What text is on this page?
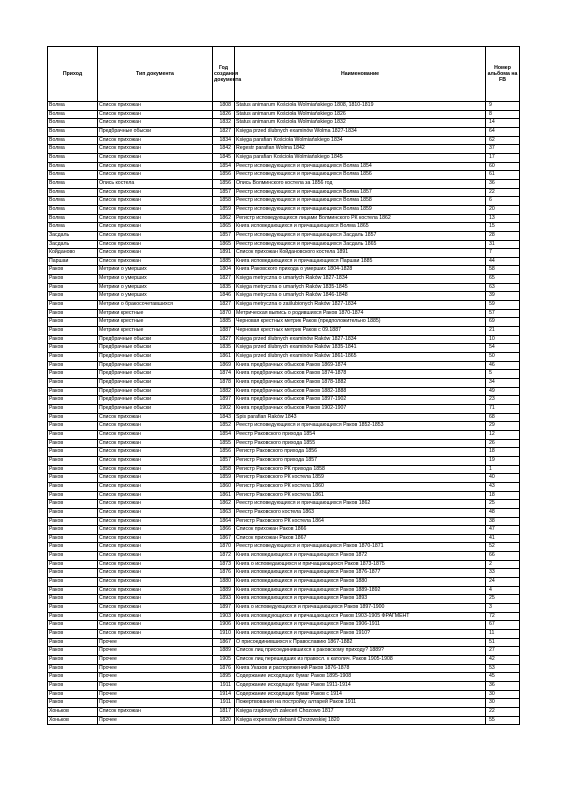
Приход	Тип документа	Год создания документа	Наименование	Номер альбома на FB
Волма	Список прихожан	1808	Status animarum Kościoła Wolmiańskiego 1808, 1810-1819	9
Волма	Список прихожан	1826	Status animarum Kościoła Wolmiańskiego 1826	8
Волма	Список прихожан	1832	Status animarum Kościoła Wolmiańskiego 1832	14
Волма	Предбрачные обыски	1827	Księga przed ślubnych examinów Wolma 1827-1834	64
Волма	Список прихожан	1834	Księga parafian Kościoła Wolmiańskiego 1834	62
Волма	Список прихожан	1842	Regestr parafian Wolma 1842	37
Волма	Список прихожан	1845	Księga parafian Kościoła Wolmiańskiego 1845	17
Волма	Список прихожан	1854	Реестр исповедующихся и причащающихся Волма 1854	60
Волма	Список прихожан	1856	Реестр исповедующихся и причащающихся Волма 1856	61
Волма	Опись костела	1856	Опись Волминского костела за 1856 год	36
Волма	Список прихожан	1857	Реестр исповедующихся и причащающихся Волма 1857	22
Волма	Список прихожан	1858	Реестр исповедующихся и причащающихся Волма 1858	6
Волма	Список прихожан	1859	Реестр исповедующихся и причащающихся Волма 1859	20
Волма	Список прихожан	1862	Регистр исповедующихся лицами Волминского РК костела 1862	13
Волма	Список прихожан	1865	Книга исповедающихся и причащающихся Волма 1865	15
Засдаль	Список прихожан	1857	Реестр исповедующихся и причащающихся Засдаль 1857	28
Засдаль	Список прихожан	1865	Реестр исповедующихся и причащающихся Засдаль 1865	31
Койданово	Список прихожан	1891	Список прихожан Койдановского костела 1891	7
Паршаи	Список прихожан	1885	Книга исповедающихся и причащающихся Паршаи 1885	44
Раков	Метрики о умерших	1804	Книга Раковского прихода о умерших 1804-1828	58
Раков	Метрики о умерших	1827	Księga metryczna o umarłych Raków 1827-1834	65
Раков	Метрики о умерших	1835	Księga metryczna o umarłych Raków 1835-1845	63
Раков	Метрики о умерших	1846	Księga metryczna o umarłych Raków 1846-1848	39
Раков	Метрики о бракосочетавшихся	1827	Księga metryczna o zaślubionych Raków 1827-1834	59
Раков	Метрики крестные	1870	Метрическая выпись о родившихся Раков 1870-1874	57
Раков	Метрики крестные	1885	Черновая крестных метрик Раков (предположительно 1885)	69
Раков	Метрики крестные	1887	Черновая крестных метрик Раков с 09.1887	21
Раков	Предбрачные обыски	1827	Księga przed ślubnych examinów Raków 1827-1834	10
Раков	Предбрачные обыски	1835	Księga przed ślubnych examinów Raków 1835-1841	54
Раков	Предбрачные обыски	1861	Księga przed ślubnych examinów Raków 1861-1865	50
Раков	Предбрачные обыски	1869	Книга предбрачных обысков Раков 1869-1874	46
Раков	Предбрачные обыски	1874	Книга предбрачных обысков Раков 1874-1878	5
Раков	Предбрачные обыски	1878	Книга предбрачных обысков Раков 1878-1882	34
Раков	Предбрачные обыски	1882	Книга предбрачных обысков Раков 1882-1888	49
Раков	Предбрачные обыски	1897	Книга предбрачных обысков Раков 1897-1902	23
Раков	Предбрачные обыски	1902	Книга предбрачных обысков Раков 1902-1907	71
Раков	Список прихожан	1843	Spis parafian Raków 1843	68
Раков	Список прихожан	1852	Реестр исповедующихся и причащающихся Раков 1852-1853	29
Раков	Список прихожан	1854	Реестр Раковского прихода 1854	12
Раков	Список прихожан	1855	Реестр Раковского прихода 1855	26
Раков	Список прихожан	1856	Регистр Раковского прихода 1856	18
Раков	Список прихожан	1857	Регистр Раковского прихода 1857	19
Раков	Список прихожан	1858	Регистр Раковского РК прихода 1858	1
Раков	Список прихожан	1859	Регистр Раковского РК костела 1859	40
Раков	Список прихожан	1860	Регистр Раковского РК костела 1860	43
Раков	Список прихожан	1861	Регистр Раковского РК костела 1861	18
Раков	Список прихожан	1862	Реестр исповедующихся и причащающихся Раков 1862	25
Раков	Список прихожан	1863	Реестр Раковского костела 1863	48
Раков	Список прихожан	1864	Регистр Раковского РК костела 1864	38
Раков	Список прихожан	1866	Список прихожан Раков 1866	47
Раков	Список прихожан	1867	Список прихожан Раков 1867	41
Раков	Список прихожан	1870	Реестр исповедующихся и причащающихся Раков 1870-1871	52
Раков	Список прихожан	1872	Книга исповедающихся и причащающихся Раков 1872	66
Раков	Список прихожан	1873	Книга о исповедающихся и причащающихся Раков 1873-1875	2
Раков	Список прихожан	1876	Книга исповедающихся и причащающихся Раков 1876-1877	33
Раков	Список прихожан	1880	Книга исповедающихся и причащающихся Раков 1880	24
Раков	Список прихожан	1889	Книга исповедающихся и причащающихся Раков 1889-1892	4
Раков	Список прихожан	1893	Книга исповедающихся и причащающихся Раков 1893	25
Раков	Список прихожан	1897	Книга о исповедующихся и причащающихся Раков 1897-1900	3
Раков	Список прихожан	1903	Книга исповедующихся и причащающихся Раков 1903-1905 ФРАГМЕНТ	72
Раков	Список прихожан	1906	Книга исповедающихся и причащающихся Раков 1906-1911	67
Раков	Список прихожан	1910	Книга исповедающихся и причащающихся Раков 1910?	11
Раков	Прочее	1867	О присоединившихся к Православию 1867-1882	51
Раков	Прочее	1889	Список лиц присоединившихся к раковскому приходу? 1889?	27
Раков	Прочее	1905	Список лиц перешедших из правосл. к католич. Раков 1905-1908	42
Раков	Прочее	1876	Книга Указов и распоряжений Раков 1876-1878	53
Раков	Прочее	1895	Содержание исходящих бумаг Раков 1895-1908	45
Раков	Прочее	1911	Содержание исходящих бумаг Раков 1911-1914	36
Раков	Прочее	1914	Содержание исходящих бумаг Раков с 1914	30
Раков	Прочее	1911	Пожертвования на постройку алтарей Раков 1911	30
Хоньков	Список прихожан	1817	Księga rządowych zaleceń Chozowo 1817	22
Хоньков	Прочее	1820	Księga expensów plebanii Chozowskiej 1820	55
